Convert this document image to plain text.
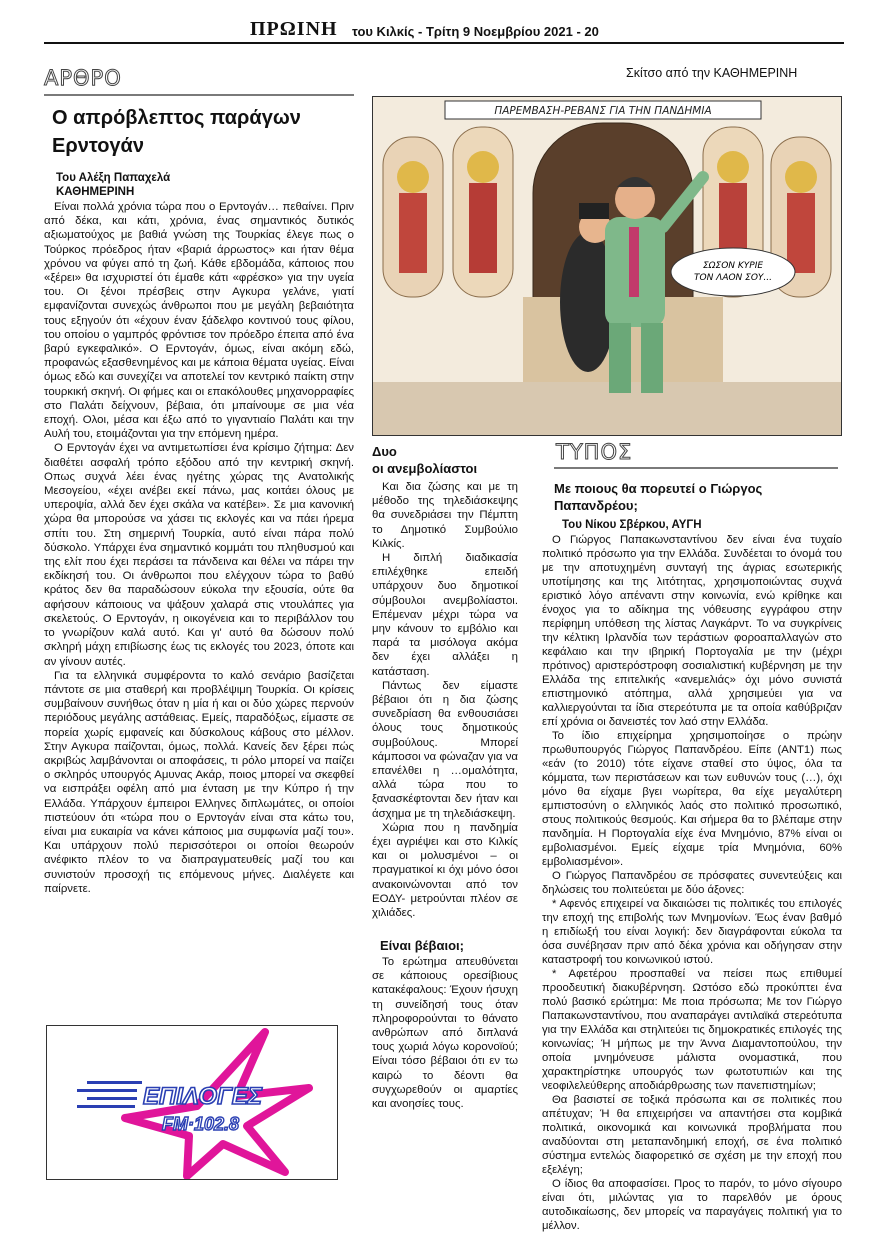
ΠΡΩΙΝΗ του Κιλκίς - Τρίτη 9 Νοεμβρίου 2021 - 20
ΑΡΘΡΟ
Ο απρόβλεπτος παράγων Ερντογάν
Του Αλέξη Παπαχελά
ΚΑΘΗΜΕΡΙΝΗ

Είναι πολλά χρόνια τώρα που ο Ερντογάν… πεθαίνει. Πριν από δέκα, και κάτι, χρόνια, ένας σημαντικός δυτικός αξιωματούχος με βαθιά γνώση της Τουρκίας έλεγε πως ο Τούρκος πρόεδρος ήταν «βαριά άρρωστος» και ήταν θέμα χρόνου να φύγει από τη ζωή. Κάθε εβδομάδα, κάποιος που «ξέρει» θα ισχυριστεί ότι έμαθε κάτι «φρέσκο» για την υγεία του. Οι ξένοι πρέσβεις στην Αγκυρα γελάνε, γιατί εμφανίζονται συνεχώς άνθρωποι που με μεγάλη βεβαιότητα τους εξηγούν ότι «έχουν έναν ξάδελφο κοντινού τους φίλου, του οποίου ο γαμπρός φρόντισε τον πρόεδρο έπειτα από ένα βαρύ εγκεφαλικό». Ο Ερντογάν, όμως, είναι ακόμη εδώ, προφανώς εξασθενημένος και με κάποια θέματα υγείας. Είναι όμως εδώ και συνεχίζει να αποτελεί τον κεντρικό παίκτη στην τουρκική σκηνή. Οι φήμες και οι επακόλουθες μηχανορραφίες στο Παλάτι δείχνουν, βέβαια, ότι μπαίνουμε σε μια νέα εποχή. Ολοι, μέσα και έξω από το γιγαντιαίο Παλάτι και την Αυλή του, ετοιμάζονται για την επόμενη ημέρα.

Ο Ερντογάν έχει να αντιμετωπίσει ένα κρίσιμο ζήτημα: Δεν διαθέτει ασφαλή τρόπο εξόδου από την κεντρική σκηνή. Οπως συχνά λέει ένας ηγέτης χώρας της Ανατολικής Μεσογείου, «έχει ανέβει εκεί πάνω, μας κοιτάει όλους με υπεροψία, αλλά δεν έχει σκάλα να κατέβει». Σε μια κανονική χώρα θα μπορούσε να χάσει τις εκλογές και να πάει ήρεμα σπίτι του. Στη σημερινή Τουρκία, αυτό είναι πάρα πολύ δύσκολο. Υπάρχει ένα σημαντικό κομμάτι του πληθυσμού και της ελίτ που έχει περάσει τα πάνδεινα και θέλει να πάρει την εκδίκησή του. Οι άνθρωποι που ελέγχουν τώρα το βαθύ κράτος δεν θα παραδώσουν εύκολα την εξουσία, ούτε θα αφήσουν κάποιους να ψάξουν χαλαρά στις ντουλάπες για σκελετούς. Ο Ερντογάν, η οικογένεια και το περιβάλλον του το γνωρίζουν καλά αυτό. Και γι' αυτό θα δώσουν πολύ σκληρή μάχη επιβίωσης έως τις εκλογές του 2023, όποτε και αν γίνουν αυτές.

Για τα ελληνικά συμφέροντα το καλό σενάριο βασίζεται πάντοτε σε μια σταθερή και προβλέψιμη Τουρκία. Οι κρίσεις συμβαίνουν συνήθως όταν η μία ή και οι δύο χώρες περνούν περιόδους μεγάλης αστάθειας. Εμείς, παραδόξως, είμαστε σε πορεία χωρίς εμφανείς και δύσκολους κάβους στο μέλλον. Στην Αγκυρα παίζονται, όμως, πολλά. Κανείς δεν ξέρει πώς ακριβώς λαμβάνονται οι αποφάσεις, τι ρόλο μπορεί να παίζει ο σκληρός υπουργός Αμυνας Ακάρ, ποιος μπορεί να σκεφθεί να εισπράξει οφέλη από μια ένταση με την Κύπρο ή την Ελλάδα. Υπάρχουν έμπειροι Ελληνες διπλωμάτες, οι οποίοι πιστεύουν ότι «τώρα που ο Ερντογάν είναι στα κάτω του, είναι μια ευκαιρία να κάνει κάποιος μια συμφωνία μαζί του». Και υπάρχουν πολύ περισσότεροι οι οποίοι θεωρούν ανέφικτο πλέον το να διαπραγματευθείς μαζί του και συνιστούν προσοχή τις επόμενους μήνες. Διαλέγετε και παίρνετε.

ΕΠΙΛΟΓΕΣ
FM·102.8
Σκίτσο από την ΚΑΘΗΜΕΡΙΝΗ
ΠΑΡΕΜΒΑΣΗ-ΡΕΒΑΝΣ ΓΙΑ ΤΗΝ ΠΑΝΔΗΜΙΑ
ΣΩΣΟΝ ΚΥΡΙΕ
ΤΟΝ ΛΑΟΝ ΣΟΥ...
Δυο
οι ανεμβολίαστοι

Και δια ζώσης και με τη μέθοδο της τηλεδιάσκεψης θα συνεδριάσει την Πέμπτη το Δημοτικό Συμβούλιο Κιλκίς.

Η διπλή διαδικασία επιλέχθηκε επειδή υπάρχουν δυο δημοτικοί σύμβουλοι ανεμβολίαστοι. Επέμεναν μέχρι τώρα να μην κάνουν το εμβόλιο και παρά τα μισόλογα ακόμα δεν έχει αλλάξει η κατάσταση.

Πάντως δεν είμαστε βέβαιοι ότι η δια ζώσης συνεδρίαση θα ενθουσιάσει όλους τους δημοτικούς συμβούλους. Μπορεί κάμποσοι να φώναζαν για να επανέλθει η …ομαλότητα, αλλά τώρα που το ξανασκέφτονται δεν ήταν και άσχημα με τη τηλεδιάσκεψη.

Χώρια που η πανδημία έχει αγριέψει και στο Κιλκίς και οι μολυσμένοι – οι πραγματικοί κι όχι μόνο όσοι ανακοινώνονται από τον ΕΟΔΥ- μετρούνται πλέον σε χιλιάδες.

Είναι βέβαιοι;

Το ερώτημα απευθύνεται σε κάποιους ορεσίβιους κατακέφαλους: Έχουν ήσυχη τη συνείδησή τους όταν πληροφορούνται το θάνατο ανθρώπων από διπλανά τους χωριά λόγω κορονοϊού; Είναι τόσο βέβαιοι ότι εν τω καιρώ το δέοντι θα συγχωρεθούν οι αμαρτίες και ανοησίες τους.

ΤΥΠΟΣ
Με ποιους θα πορευτεί ο Γιώργος Παπανδρέου;
Του Νίκου Σβέρκου, ΑΥΓΗ

Ο Γιώργος Παπακωνσταντίνου δεν είναι ένα τυχαίο πολιτικό πρόσωπο για την Ελλάδα. Συνδέεται το όνομά του με την αποτυχημένη συνταγή της άγριας εσωτερικής υποτίμησης και της λιτότητας, χρησιμοποιώντας συχνά εριστικό λόγο απέναντι στην κοινωνία, ενώ κρίθηκε και ένοχος για το αδίκημα της νόθευσης εγγράφου στην περίφημη υπόθεση της λίστας Λαγκάρντ. Το να συγκρίνεις την κέλτικη Ιρλανδία των τεράστιων φοροαπαλλαγών στο κεφάλαιο και την ιβηρική Πορτογαλία με την (μέχρι πρότινος) αριστερόστροφη σοσιαλιστική κυβέρνηση με την Ελλάδα της επιτελικής «ανεμελιάς» όχι μόνο συνιστά επιστημονικό ατόπημα, αλλά χρησιμεύει για να καλλιεργούνται τα ίδια στερεότυπα με τα οποία καθύβριζαν επί χρόνια οι δανειστές τον λαό στην Ελλάδα.

Το ίδιο επιχείρημα χρησιμοποίησε ο πρώην πρωθυπουργός Γιώργος Παπανδρέου. Είπε (ΑΝΤ1) πως «εάν (το 2010) τότε είχανε σταθεί στο ύψος, όλα τα κόμματα, των περιστάσεων και των ευθυνών τους (…), όχι μόνο θα είχαμε βγει νωρίτερα, θα είχε μεγαλύτερη εμπιστοσύνη ο ελληνικός λαός στο πολιτικό προσωπικό, στους πολιτικούς θεσμούς. Και σήμερα θα το βλέπαμε στην πανδημία. Η Πορτογαλία είχε ένα Μνημόνιο, 87% είναι οι εμβολιασμένοι. Εμείς είχαμε τρία Μνημόνια, 60% εμβολιασμένοι».

Ο Γιώργος Παπανδρέου σε πρόσφατες συνεντεύξεις και δηλώσεις του πολιτεύεται με δύο άξονες:

* Αφενός επιχειρεί να δικαιώσει τις πολιτικές του επιλογές την εποχή της επιβολής των Μνημονίων. Έως έναν βαθμό η επιδίωξή του είναι λογική: δεν διαγράφονται εύκολα τα όσα συνέβησαν πριν από δέκα χρόνια και οδήγησαν στην καταστροφή του κοινωνικού ιστού.

* Αφετέρου προσπαθεί να πείσει πως επιθυμεί προοδευτική διακυβέρνηση. Ωστόσο εδώ προκύπτει ένα πολύ βασικό ερώτημα: Με ποια πρόσωπα; Με τον Γιώργο Παπακωνσταντίνου, που αναπαράγει αντιλαϊκά στερεότυπα για την Ελλάδα και στηλιτεύει τις δημοκρατικές επιλογές της κοινωνίας; Ή μήπως με την Άννα Διαμαντοπούλου, την οποία μνημόνευσε μάλιστα ονομαστικά, που χαρακτηρίστηκε υπουργός των φωτοτυπιών και της νεοφιλελεύθερης αποδιάρθρωσης των πανεπιστημίων;

Θα βασιστεί σε τοξικά πρόσωπα και σε πολιτικές που απέτυχαν; Ή θα επιχειρήσει να απαντήσει στα κομβικά πολιτικά, οικονομικά και κοινωνικά προβλήματα που αναδύονται στη μεταπανδημική εποχή, σε ένα πολιτικό σύστημα εντελώς διαφορετικό σε σχέση με την εποχή που εξελέγη;

Ο ίδιος θα αποφασίσει. Προς το παρόν, το μόνο σίγουρο είναι ότι, μιλώντας για το παρελθόν με όρους αυτοδικαίωσης, δεν μπορείς να παραγάγεις πολιτική για το μέλλον.
